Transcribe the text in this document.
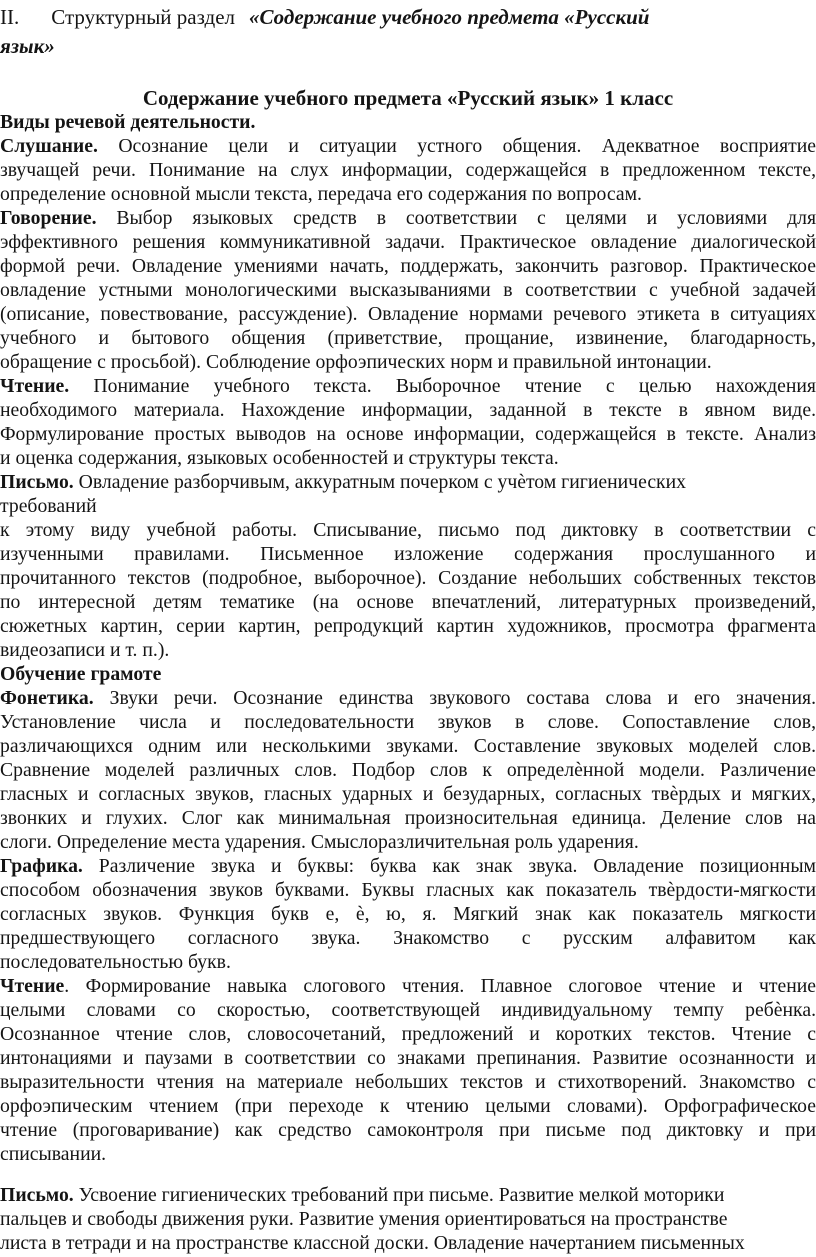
II. Структурный раздел «Содержание учебного предмета «Русский
язык»
Содержание учебного предмета «Русский язык» 1 класс
Виды речевой деятельности.
Слушание. Осознание цели и ситуации устного общения. Адекватное восприятие
звучащей речи. Понимание на слух информации, содержащейся в предложенном тексте,
определение основной мысли текста, передача его содержания по вопросам.
Говорение. Выбор языковых средств в соответствии с целями и условиями для
эффективного решения коммуникативной задачи. Практическое овладение диалогической
формой речи. Овладение умениями начать, поддержать, закончить разговор. Практическое
овладение устными монологическими высказываниями в соответствии с учебной задачей
(описание, повествование, рассуждение). Овладение нормами речевого этикета в ситуациях
учебного и бытового общения (приветствие, прощание, извинение, благодарность,
обращение с просьбой). Соблюдение орфоэпических норм и правильной интонации.
Чтение. Понимание учебного текста. Выборочное чтение с целью нахождения
необходимого материала. Нахождение информации, заданной в тексте в явном виде.
Формулирование простых выводов на основе информации, содержащейся в тексте. Анализ
и оценка содержания, языковых особенностей и структуры текста.
Письмо. Овладение разборчивым, аккуратным почерком с учѐтом гигиенических
требований
к этому виду учебной работы. Списывание, письмо под диктовку в соответствии с
изученными правилами. Письменное изложение содержания прослушанного и
прочитанного текстов (подробное, выборочное). Создание небольших собственных текстов
по интересной детям тематике (на основе впечатлений, литературных произведений,
сюжетных картин, серии картин, репродукций картин художников, просмотра фрагмента
видеозаписи и т. п.).
Обучение грамоте
Фонетика. Звуки речи. Осознание единства звукового состава слова и его значения.
Установление числа и последовательности звуков в слове. Сопоставление слов,
различающихся одним или несколькими звуками. Составление звуковых моделей слов.
Сравнение моделей различных слов. Подбор слов к определѐнной модели. Различение
гласных и согласных звуков, гласных ударных и безударных, согласных твѐрдых и мягких,
звонких и глухих. Слог как минимальная произносительная единица. Деление слов на
слоги. Определение места ударения. Смыслоразличительная роль ударения.
Графика. Различение звука и буквы: буква как знак звука. Овладение позиционным
способом обозначения звуков буквами. Буквы гласных как показатель твѐрдости-мягкости
согласных звуков. Функция букв е, ѐ, ю, я. Мягкий знак как показатель мягкости
предшествующего согласного звука. Знакомство с русским алфавитом как
последовательностью букв.
Чтение. Формирование навыка слогового чтения. Плавное слоговое чтение и чтение
целыми словами со скоростью, соответствующей индивидуальному темпу ребѐнка.
Осознанное чтение слов, словосочетаний, предложений и коротких текстов. Чтение с
интонациями и паузами в соответствии со знаками препинания. Развитие осознанности и
выразительности чтения на материале небольших текстов и стихотворений. Знакомство с
орфоэпическим чтением (при переходе к чтению целыми словами). Орфографическое
чтение (проговаривание) как средство самоконтроля при письме под диктовку и при
списывании.
Письмо. Усвоение гигиенических требований при письме. Развитие мелкой моторики
пальцев и свободы движения руки. Развитие умения ориентироваться на пространстве
листа в тетради и на пространстве классной доски. Овладение начертанием письменных
